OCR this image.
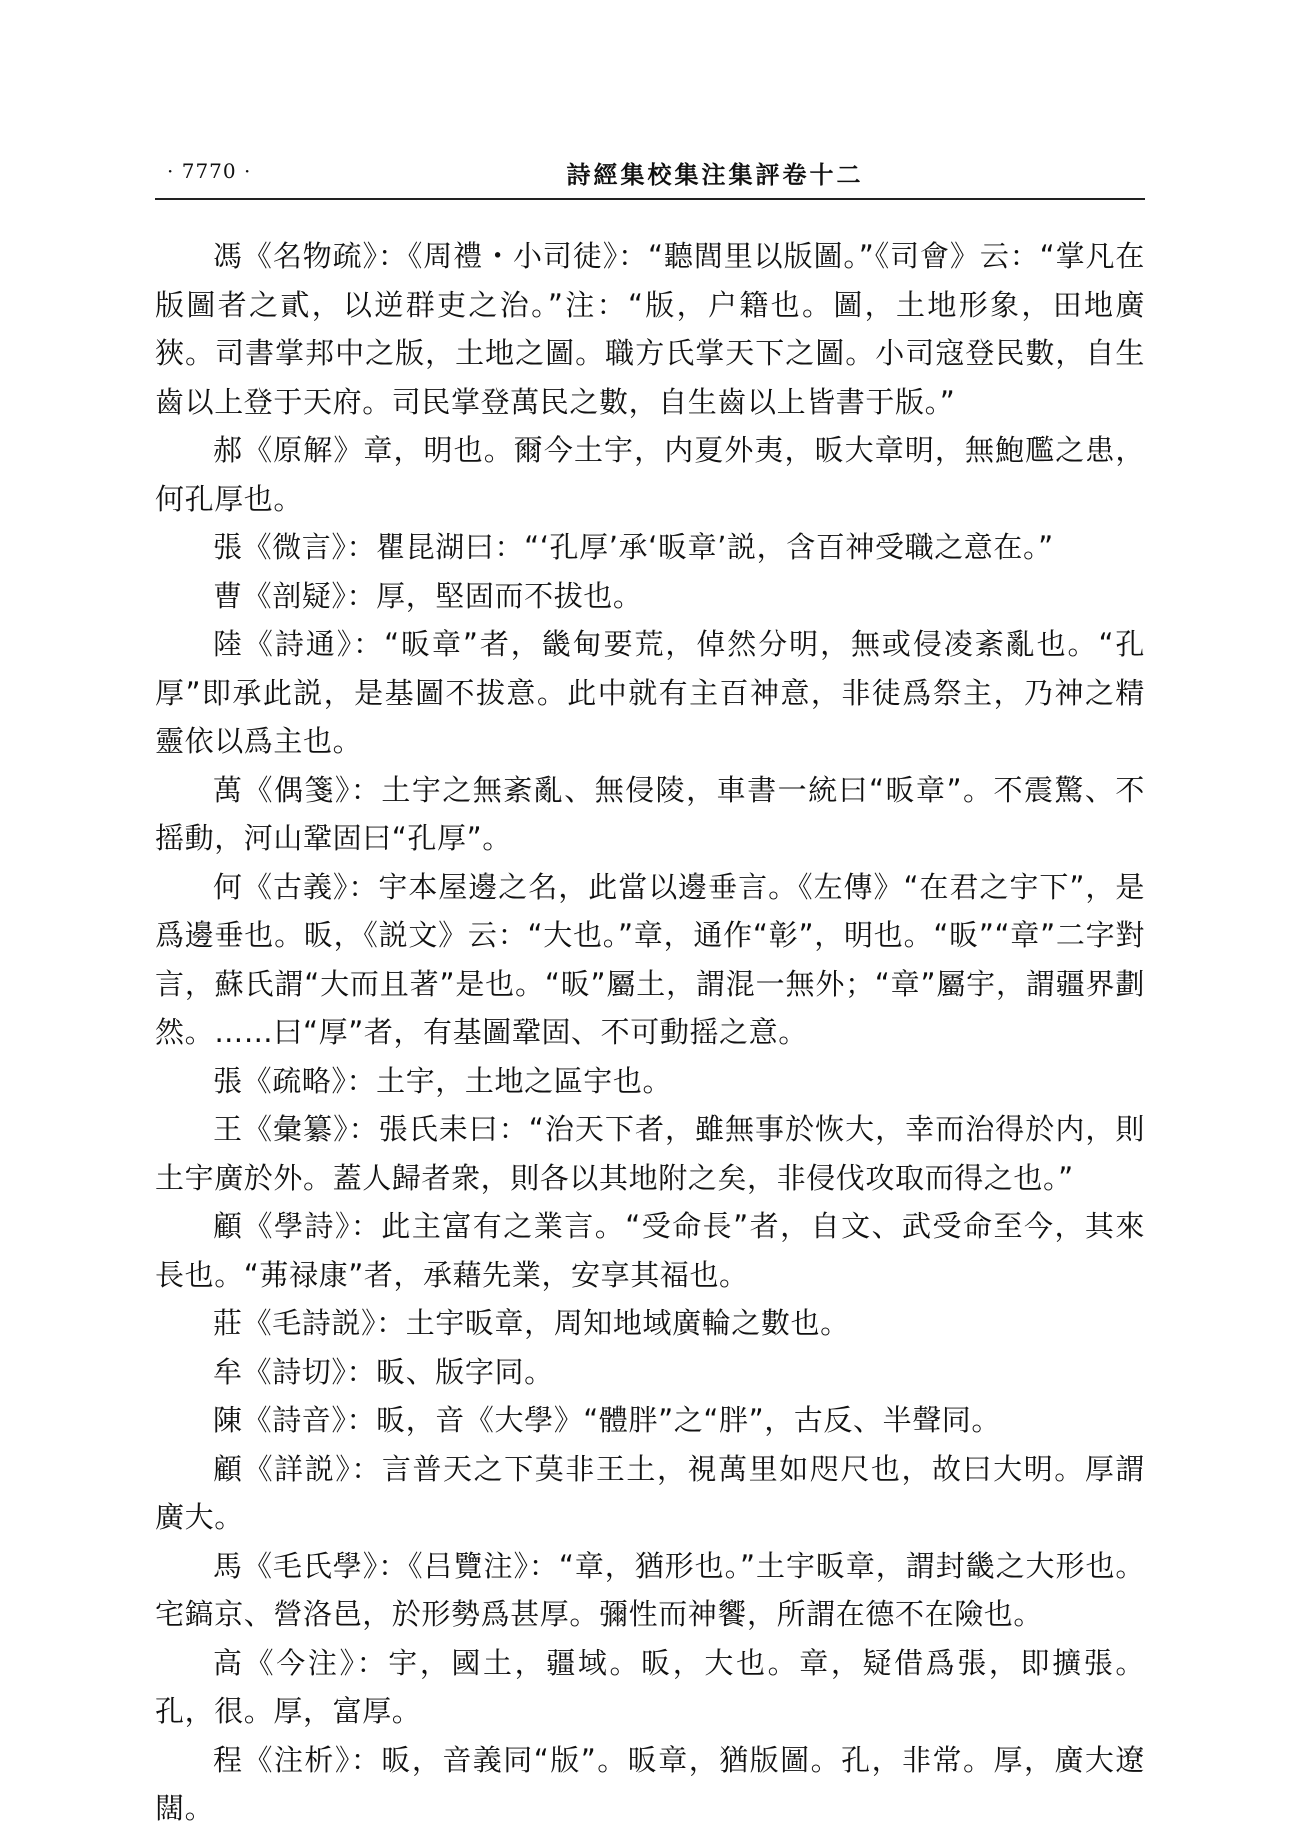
· 7770 ·	詩經集校集注集評卷十二

馮《名物疏》：《周禮・小司徒》：“聽閭里以版圖。”《司會》云：“掌凡在版圖者之貳，以逆群吏之治。”注：“版，户籍也。圖，土地形象，田地廣狹。司書掌邦中之版，土地之圖。職方氏掌天下之圖。小司寇登民數，自生齒以上登于天府。司民掌登萬民之數，自生齒以上皆書于版。”

郝《原解》章，明也。爾今土宇，内夏外夷，昄大章明，無鮑尶之患，何孔厚也。

張《微言》：瞿昆湖曰：“‘孔厚’承‘昄章’説，含百神受職之意在。”

曹《剖疑》：厚，堅固而不拔也。

陸《詩通》：“昄章”者，畿甸要荒，倬然分明，無或侵凌紊亂也。“孔厚”即承此説，是基圖不拔意。此中就有主百神意，非徒爲祭主，乃神之精靈依以爲主也。

萬《偶箋》：土宇之無紊亂、無侵陵，車書一統曰“昄章”。不震驚、不摇動，河山鞏固曰“孔厚”。

何《古義》：宇本屋邊之名，此當以邊垂言。《左傳》“在君之宇下”，是爲邊垂也。昄，《説文》云：“大也。”章，通作“彰”，明也。“昄”“章”二字對言，蘇氏謂“大而且著”是也。“昄”屬土，謂混一無外；“章”屬宇，謂疆界劃然。……曰“厚”者，有基圖鞏固、不可動摇之意。

張《疏略》：土宇，土地之區宇也。

王《彙纂》：張氏耒曰：“治天下者，雖無事於恢大，幸而治得於内，則土宇廣於外。蓋人歸者衆，則各以其地附之矣，非侵伐攻取而得之也。”

顧《學詩》：此主富有之業言。“受命長”者，自文、武受命至今，其來長也。“茀禄康”者，承藉先業，安享其福也。

莊《毛詩説》：土宇昄章，周知地域廣輪之數也。

牟《詩切》：昄、版字同。

陳《詩音》：昄，音《大學》“體胖”之“胖”，古反、半聲同。

顧《詳説》：言普天之下莫非王土，視萬里如咫尺也，故曰大明。厚謂廣大。

馬《毛氏學》：《吕覽注》：“章，猶形也。”土宇昄章，謂封畿之大形也。宅鎬京、營洛邑，於形勢爲甚厚。彌性而神饗，所謂在德不在險也。

高《今注》：宇，國土，疆域。昄，大也。章，疑借爲張，即擴張。孔，很。厚，富厚。

程《注析》：昄，音義同“版”。昄章，猶版圖。孔，非常。厚，廣大遼闊。
